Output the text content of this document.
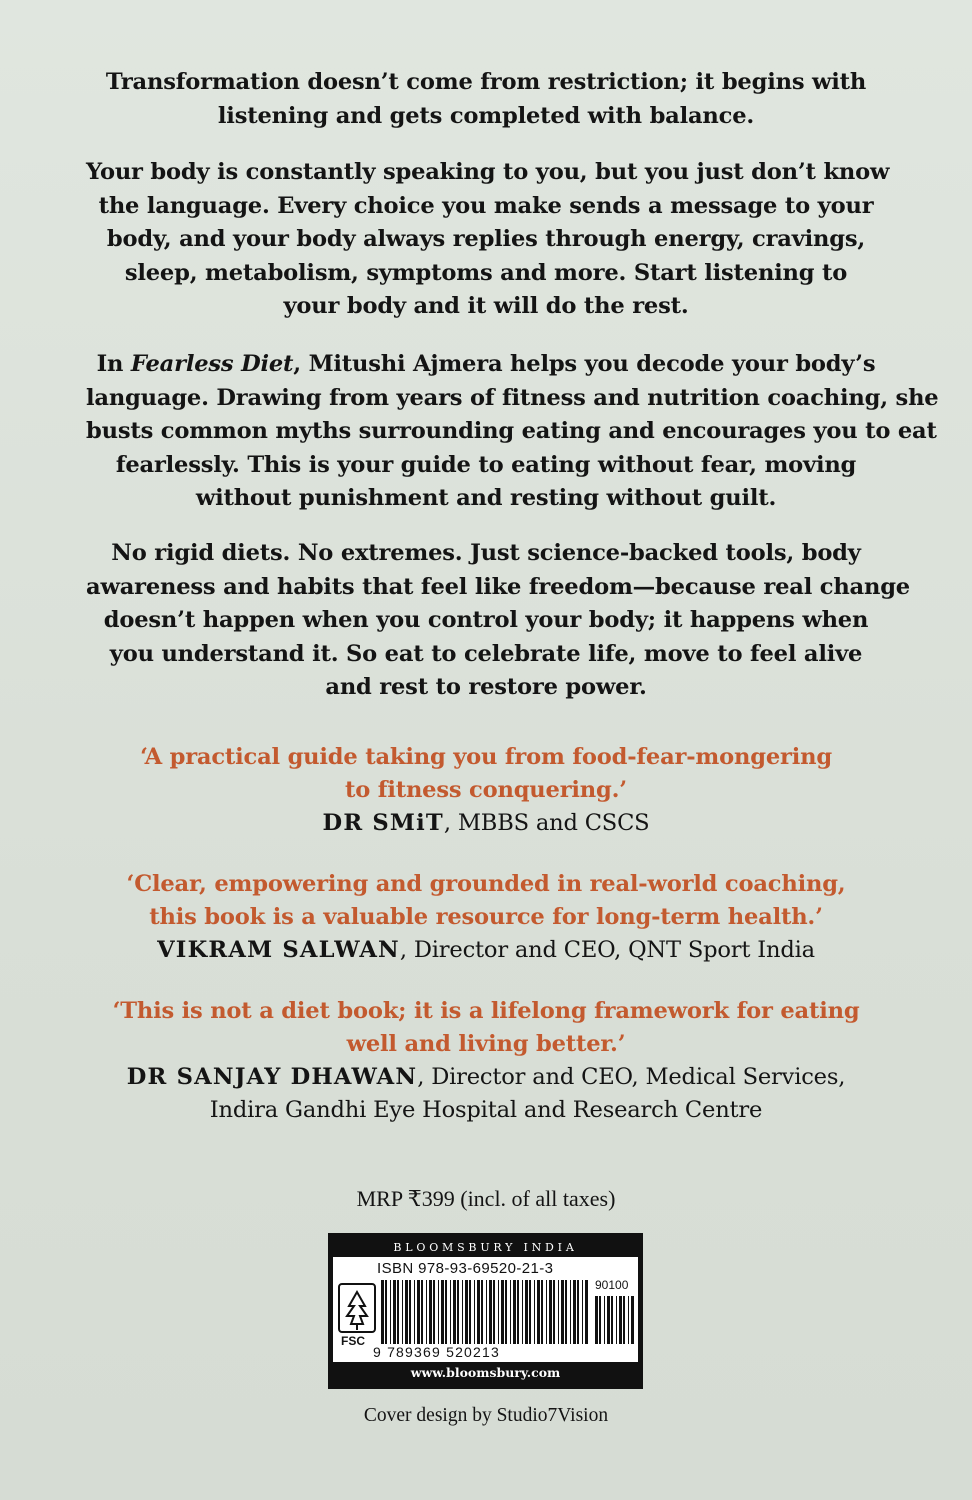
Transformation doesn’t come from restriction; it begins with
listening and gets completed with balance.
Your body is constantly speaking to you, but you just don’t know
the language. Every choice you make sends a message to your
body, and your body always replies through energy, cravings,
sleep, metabolism, symptoms and more. Start listening to
your body and it will do the rest.
In Fearless Diet, Mitushi Ajmera helps you decode your body’s
language. Drawing from years of fitness and nutrition coaching, she
busts common myths surrounding eating and encourages you to eat
fearlessly. This is your guide to eating without fear, moving
without punishment and resting without guilt.
No rigid diets. No extremes. Just science-backed tools, body
awareness and habits that feel like freedom—because real change
doesn’t happen when you control your body; it happens when
you understand it. So eat to celebrate life, move to feel alive
and rest to restore power.
‘A practical guide taking you from food-fear-mongering
to fitness conquering.’
DR SMiT, MBBS and CSCS
‘Clear, empowering and grounded in real-world coaching,
this book is a valuable resource for long-term health.’
VIKRAM SALWAN, Director and CEO, QNT Sport India
‘This is not a diet book; it is a lifelong framework for eating
well and living better.’
DR SANJAY DHAWAN, Director and CEO, Medical Services,
Indira Gandhi Eye Hospital and Research Centre
MRP ₹399 (incl. of all taxes)
BLOOMSBURY INDIA
ISBN 978-93-69520-21-3
FSC
90100
9 789369 520213
www.bloomsbury.com
Cover design by Studio7Vision
